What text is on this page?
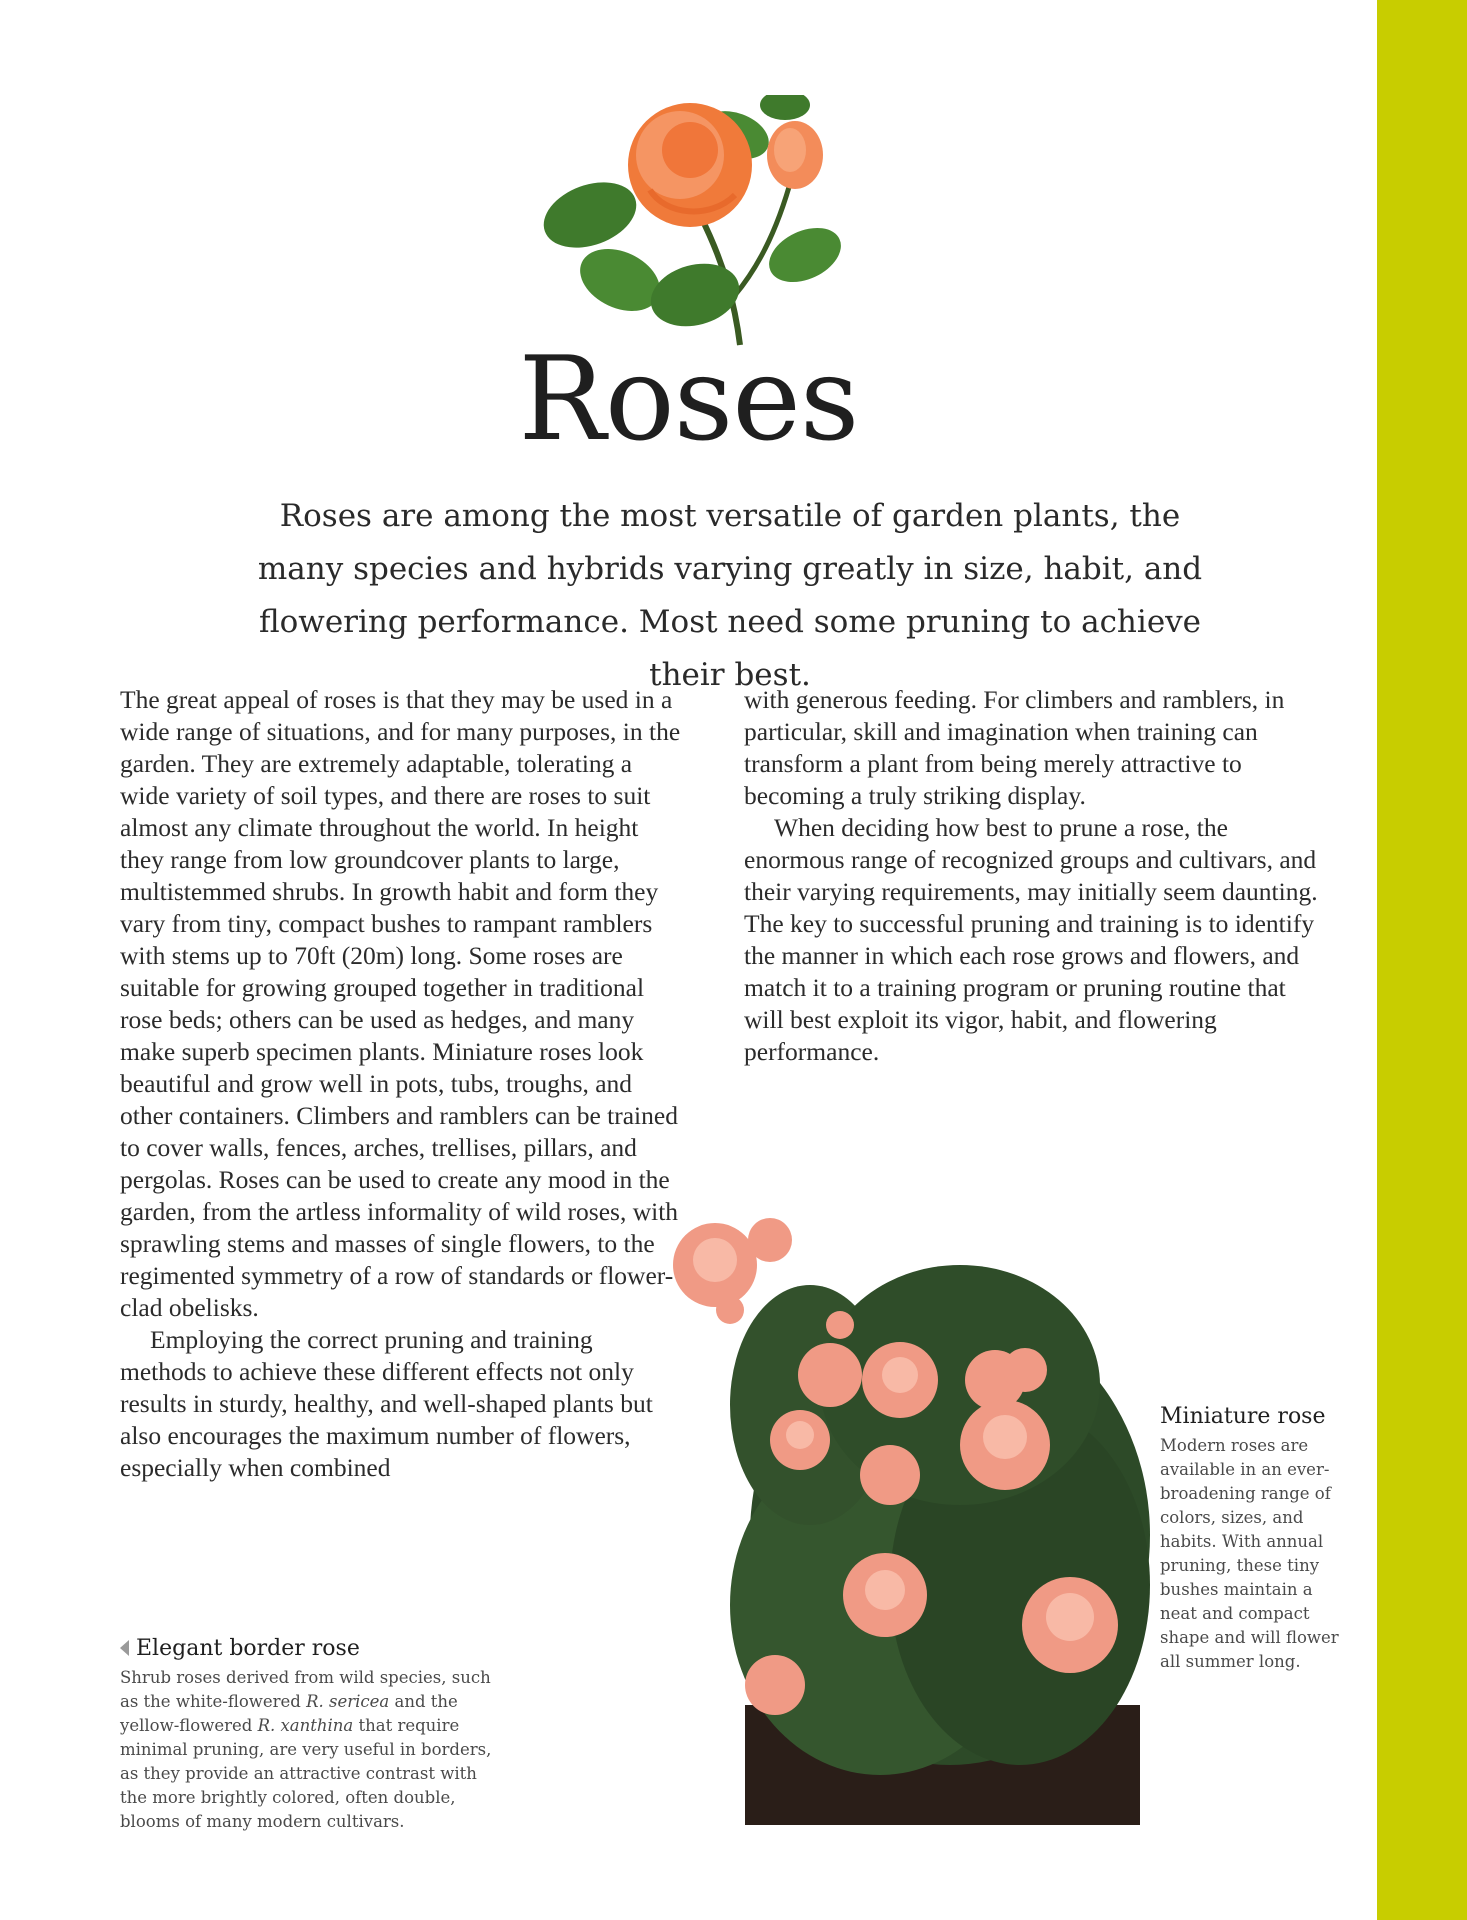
Roses

Roses are among the most versatile of garden plants, the many species and hybrids varying greatly in size, habit, and flowering performance. Most need some pruning to achieve their best.

The great appeal of roses is that they may be used in a wide range of situations, and for many purposes, in the garden. They are extremely adaptable, tolerating a wide variety of soil types, and there are roses to suit almost any climate throughout the world. In height they range from low groundcover plants to large, multistemmed shrubs. In growth habit and form they vary from tiny, compact bushes to rampant ramblers with stems up to 70ft (20m) long. Some roses are suitable for growing grouped together in traditional rose beds; others can be used as hedges, and many make superb specimen plants. Miniature roses look beautiful and grow well in pots, tubs, troughs, and other containers. Climbers and ramblers can be trained to cover walls, fences, arches, trellises, pillars, and pergolas. Roses can be used to create any mood in the garden, from the artless informality of wild roses, with sprawling stems and masses of single flowers, to the regimented symmetry of a row of standards or flower-clad obelisks.

Employing the correct pruning and training methods to achieve these different effects not only results in sturdy, healthy, and well-shaped plants but also encourages the maximum number of flowers, especially when combined

with generous feeding. For climbers and ramblers, in particular, skill and imagination when training can transform a plant from being merely attractive to becoming a truly striking display.

When deciding how best to prune a rose, the enormous range of recognized groups and cultivars, and their varying requirements, may initially seem daunting. The key to successful pruning and training is to identify the manner in which each rose grows and flowers, and match it to a training program or pruning routine that will best exploit its vigor, habit, and flowering performance.

Miniature rose

Modern roses are available in an ever-broadening range of colors, sizes, and habits. With annual pruning, these tiny bushes maintain a neat and compact shape and will flower all summer long.

Elegant border rose

Shrub roses derived from wild species, such as the white-flowered R. sericea and the yellow-flowered R. xanthina that require minimal pruning, are very useful in borders, as they provide an attractive contrast with the more brightly colored, often double, blooms of many modern cultivars.
